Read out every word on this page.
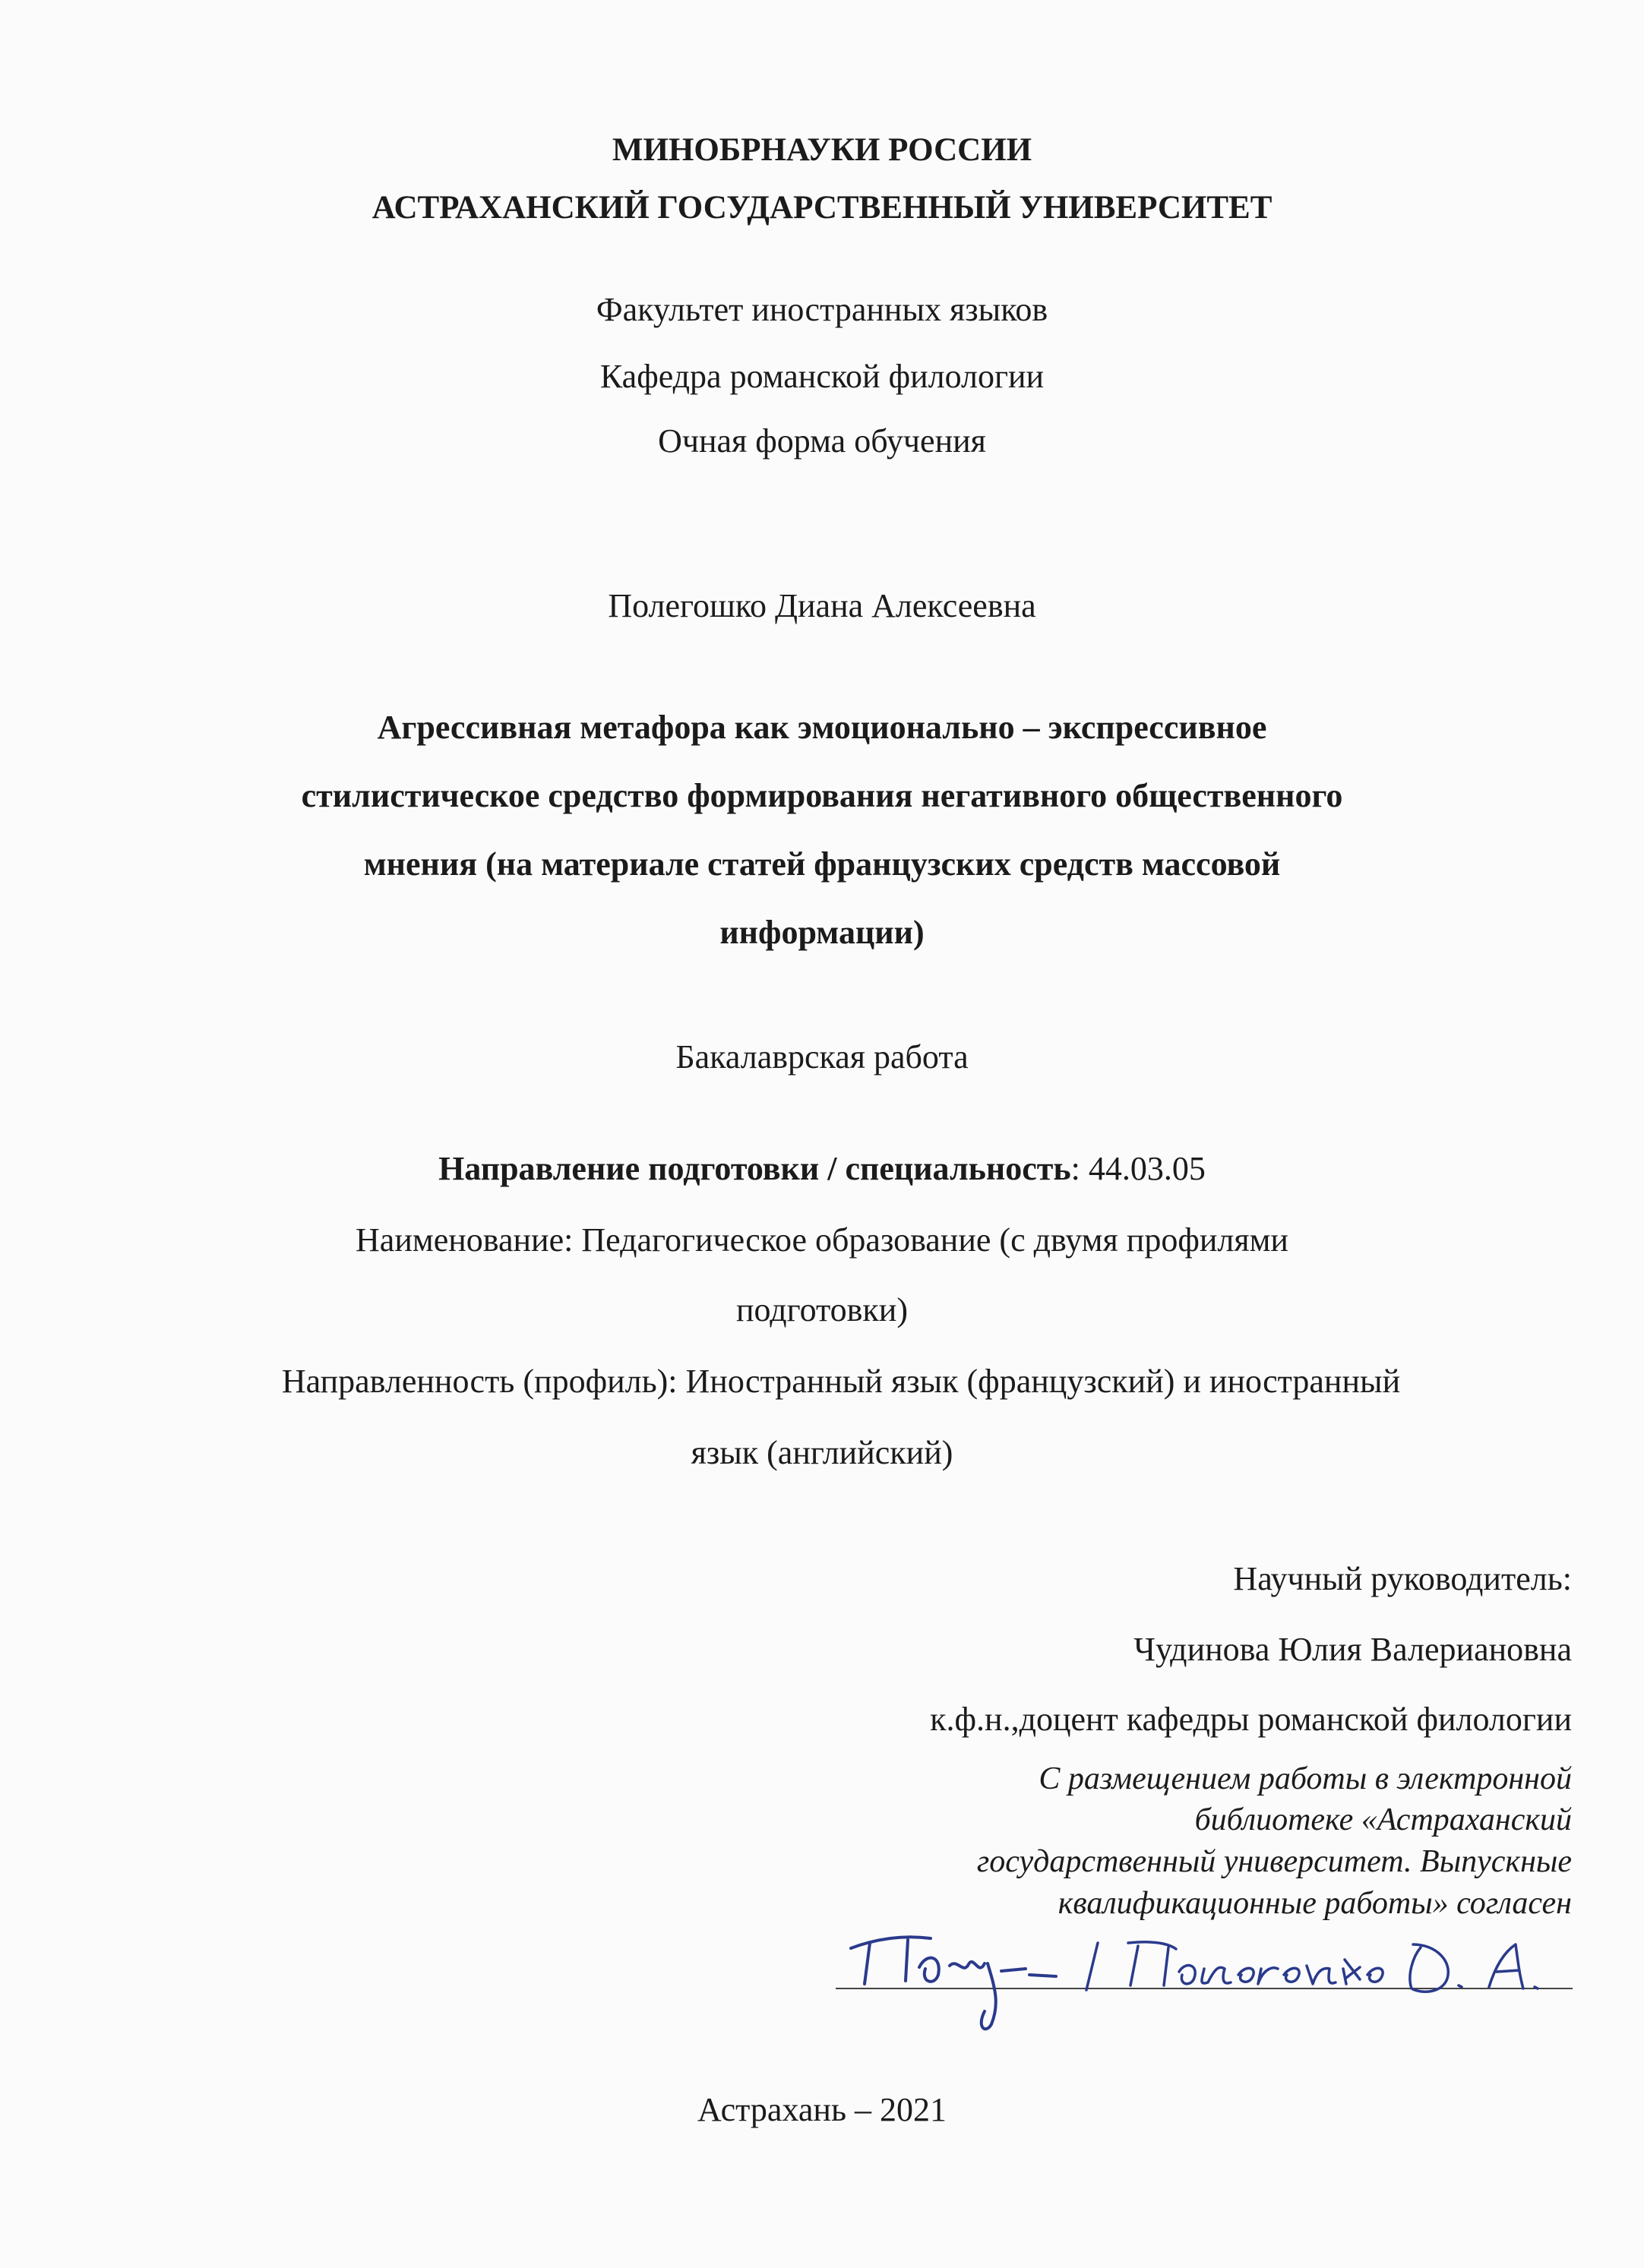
МИНОБРНАУКИ РОССИИ
АСТРАХАНСКИЙ ГОСУДАРСТВЕННЫЙ УНИВЕРСИТЕТ
Факультет иностранных языков
Кафедра романской филологии
Очная форма обучения
Полегошко Диана Алексеевна
Агрессивная метафора как эмоционально – экспрессивное
стилистическое средство формирования негативного общественного
мнения (на материале статей французских средств массовой
информации)
Бакалаврская работа
Направление подготовки / специальность: 44.03.05
Наименование: Педагогическое образование (с двумя профилями
подготовки)
Направленность (профиль): Иностранный язык (французский) и иностранный
язык (английский)
Научный руководитель:
Чудинова Юлия Валериановна
к.ф.н.,доцент кафедры романской филологии
С размещением работы в электронной
библиотеке «Астраханский
государственный университет. Выпускные
квалификационные работы» согласен
Астрахань – 2021
